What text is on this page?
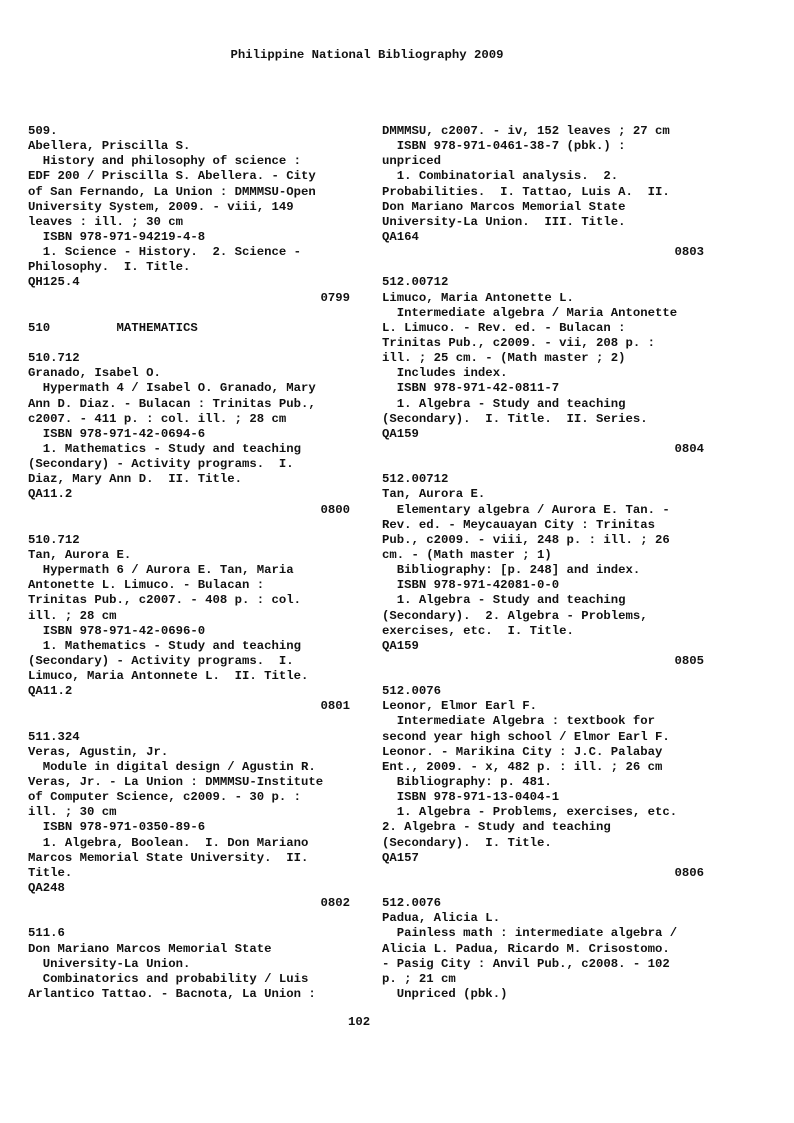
Philippine National Bibliography 2009
509.
Abellera, Priscilla S.
History and philosophy of science :
EDF 200 / Priscilla S. Abellera. - City
of San Fernando, La Union : DMMMSU-Open
University System, 2009. - viii, 149
leaves : ill. ; 30 cm
ISBN 978-971-94219-4-8
1. Science - History.  2. Science -
Philosophy.  I. Title.
QH125.4
0799
510         MATHEMATICS
510.712
Granado, Isabel O.
Hypermath 4 / Isabel O. Granado, Mary
Ann D. Diaz. - Bulacan : Trinitas Pub.,
c2007. - 411 p. : col. ill. ; 28 cm
ISBN 978-971-42-0694-6
1. Mathematics - Study and teaching
(Secondary) - Activity programs.  I.
Diaz, Mary Ann D.  II. Title.
QA11.2
0800
510.712
Tan, Aurora E.
Hypermath 6 / Aurora E. Tan, Maria
Antonette L. Limuco. - Bulacan :
Trinitas Pub., c2007. - 408 p. : col.
ill. ; 28 cm
ISBN 978-971-42-0696-0
1. Mathematics - Study and teaching
(Secondary) - Activity programs.  I.
Limuco, Maria Antonnete L.  II. Title.
QA11.2
0801
511.324
Veras, Agustin, Jr.
Module in digital design / Agustin R.
Veras, Jr. - La Union : DMMMSU-Institute
of Computer Science, c2009. - 30 p. :
ill. ; 30 cm
ISBN 978-971-0350-89-6
1. Algebra, Boolean.  I. Don Mariano
Marcos Memorial State University.  II.
Title.
QA248
0802
511.6
Don Mariano Marcos Memorial State
University-La Union.
Combinatorics and probability / Luis
Arlantico Tattao. - Bacnota, La Union :
DMMMSU, c2007. - iv, 152 leaves ; 27 cm
ISBN 978-971-0461-38-7 (pbk.) :
unpriced
1. Combinatorial analysis.  2.
Probabilities.  I. Tattao, Luis A.  II.
Don Mariano Marcos Memorial State
University-La Union.  III. Title.
QA164
0803
512.00712
Limuco, Maria Antonette L.
Intermediate algebra / Maria Antonette
L. Limuco. - Rev. ed. - Bulacan :
Trinitas Pub., c2009. - vii, 208 p. :
ill. ; 25 cm. - (Math master ; 2)
Includes index.
ISBN 978-971-42-0811-7
1. Algebra - Study and teaching
(Secondary).  I. Title.  II. Series.
QA159
0804
512.00712
Tan, Aurora E.
Elementary algebra / Aurora E. Tan. -
Rev. ed. - Meycauayan City : Trinitas
Pub., c2009. - viii, 248 p. : ill. ; 26
cm. - (Math master ; 1)
Bibliography: [p. 248] and index.
ISBN 978-971-42081-0-0
1. Algebra - Study and teaching
(Secondary).  2. Algebra - Problems,
exercises, etc.  I. Title.
QA159
0805
512.0076
Leonor, Elmor Earl F.
Intermediate Algebra : textbook for
second year high school / Elmor Earl F.
Leonor. - Marikina City : J.C. Palabay
Ent., 2009. - x, 482 p. : ill. ; 26 cm
Bibliography: p. 481.
ISBN 978-971-13-0404-1
1. Algebra - Problems, exercises, etc.
2. Algebra - Study and teaching
(Secondary).  I. Title.
QA157
0806
512.0076
Padua, Alicia L.
Painless math : intermediate algebra /
Alicia L. Padua, Ricardo M. Crisostomo.
- Pasig City : Anvil Pub., c2008. - 102
p. ; 21 cm
Unpriced (pbk.)
102
